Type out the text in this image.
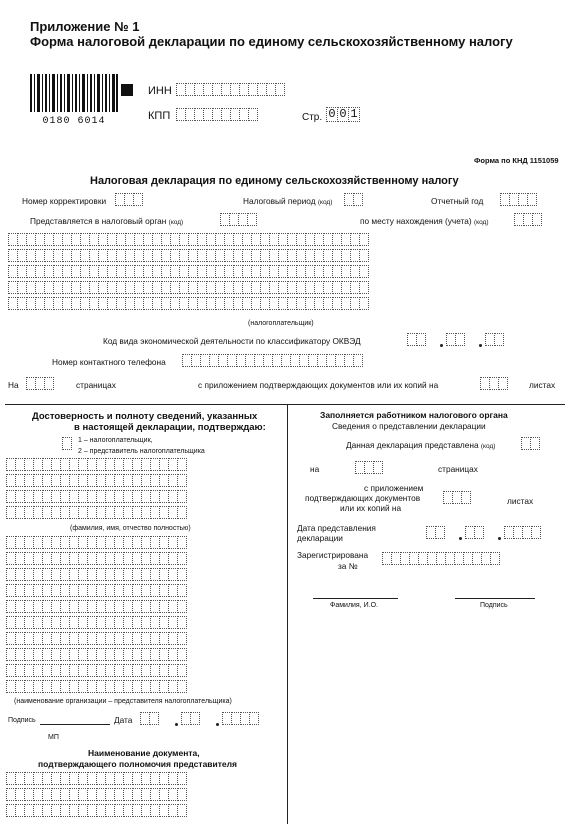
Приложение № 1
Форма налоговой декларации по единому сельскохозяйственному налогу
0180 6014
ИНН
КПП	Стр. 0 0 1
Форма по КНД 1151059
Налоговая декларация по единому сельскохозяйственному налогу
Номер корректировки	Налоговый период (код)	Отчетный год
Представляется в налоговый орган (код)	по месту нахождения (учета) (код)
(налогоплательщик)
Код вида экономической деятельности по классификатору ОКВЭД
Номер контактного телефона
На	страницах	с приложением подтверждающих документов или их копий на	листах
Достоверность и полноту сведений, указанных
в настоящей декларации, подтверждаю:
1 – налогоплательщик,
2 – представитель налогоплательщика
(фамилия, имя, отчество полностью)
(наименование организации – представителя налогоплательщика)
Подпись	Дата
МП
Наименование документа,
подтверждающего полномочия представителя
Заполняется работником налогового органа
Сведения о представлении декларации
Данная декларация представлена (код)
на	страницах
с приложением
подтверждающих документов
или их копий на
листах
Дата представления
декларации
Зарегистрирована
за №
Фамилия, И.О.	Подпись
